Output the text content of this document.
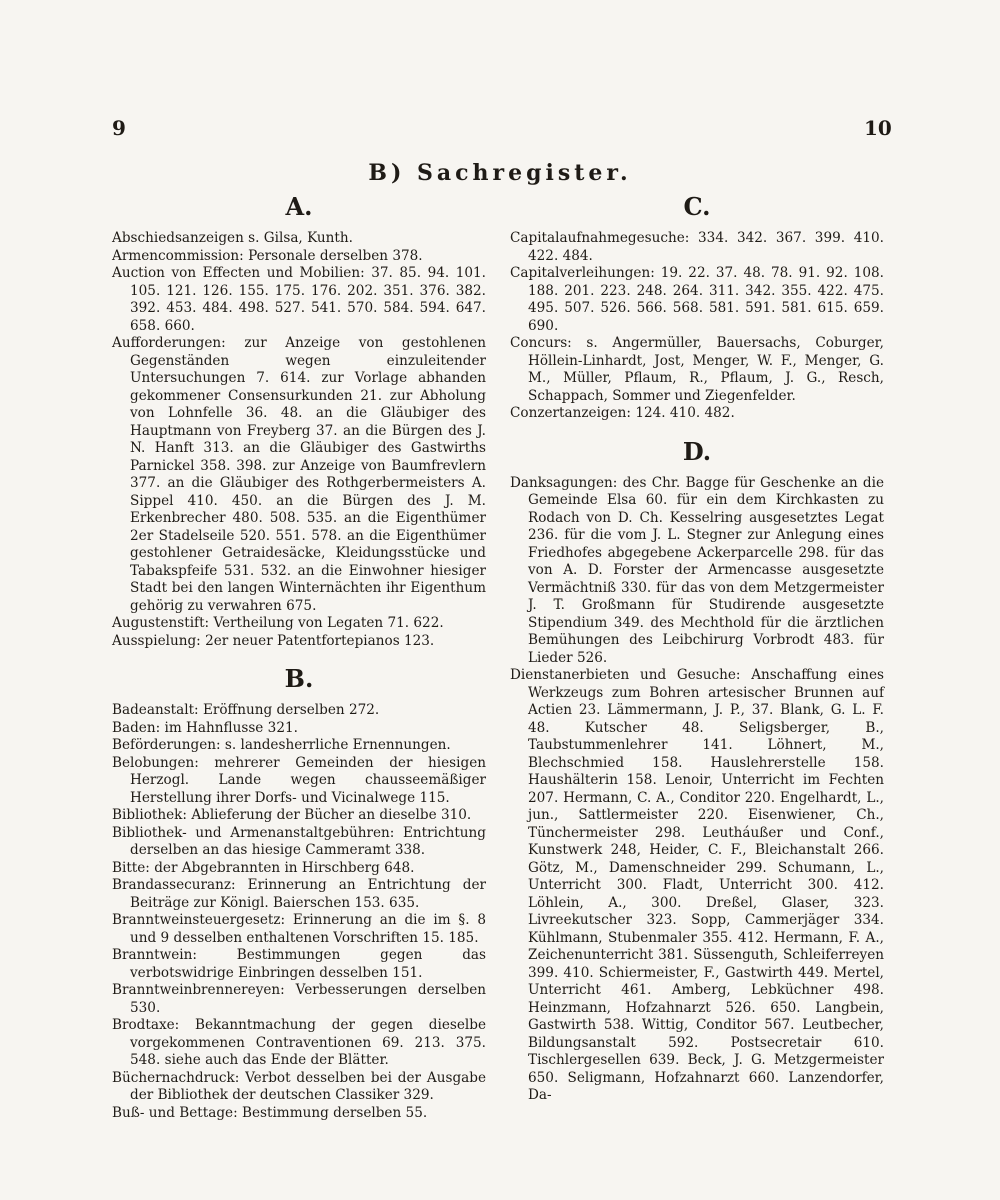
9	10
B) Sachregister.
A.

Abschiedsanzeigen s. Gilsa, Kunth.

Armencommission: Personale derselben 378.

Auction von Effecten und Mobilien: 37. 85. 94. 101. 105. 121. 126. 155. 175. 176. 202. 351. 376. 382. 392. 453. 484. 498. 527. 541. 570. 584. 594. 647. 658. 660.

Aufforderungen: zur Anzeige von gestohlenen Gegenständen wegen einzuleitender Untersuchungen 7. 614. zur Vorlage abhanden gekommener Consensurkunden 21. zur Abholung von Lohnfelle 36. 48. an die Gläubiger des Hauptmann von Freyberg 37. an die Bürgen des J. N. Hanft 313. an die Gläubiger des Gastwirths Parnickel 358. 398. zur Anzeige von Baumfrevlern 377. an die Gläubiger des Rothgerbermeisters A. Sippel 410. 450. an die Bürgen des J. M. Erkenbrecher 480. 508. 535. an die Eigenthümer 2er Stadelseile 520. 551. 578. an die Eigenthümer gestohlener Getraidesäcke, Kleidungsstücke und Tabakspfeife 531. 532. an die Einwohner hiesiger Stadt bei den langen Winternächten ihr Eigenthum gehörig zu verwahren 675.

Augustenstift: Vertheilung von Legaten 71. 622.

Ausspielung: 2er neuer Patentfortepianos 123.

B.

Badeanstalt: Eröffnung derselben 272.

Baden: im Hahnflusse 321.

Beförderungen: s. landesherrliche Ernennungen.

Belobungen: mehrerer Gemeinden der hiesigen Herzogl. Lande wegen chausseemäßiger Herstellung ihrer Dorfs- und Vicinalwege 115.

Bibliothek: Ablieferung der Bücher an dieselbe 310.

Bibliothek- und Armenanstaltgebühren: Entrichtung derselben an das hiesige Cammeramt 338.

Bitte: der Abgebrannten in Hirschberg 648.

Brandassecuranz: Erinnerung an Entrichtung der Beiträge zur Königl. Baierschen 153. 635.

Branntweinsteuergesetz: Erinnerung an die im §. 8 und 9 desselben enthaltenen Vorschriften 15. 185.

Branntwein: Bestimmungen gegen das verbotswidrige Einbringen desselben 151.

Branntweinbrennereyen: Verbesserungen derselben 530.

Brodtaxe: Bekanntmachung der gegen dieselbe vorgekommenen Contraventionen 69. 213. 375. 548. siehe auch das Ende der Blätter.

Büchernachdruck: Verbot desselben bei der Ausgabe der Bibliothek der deutschen Classiker 329.

Buß- und Bettage: Bestimmung derselben 55.

C.

Capitalaufnahmegesuche: 334. 342. 367. 399. 410. 422. 484.

Capitalverleihungen: 19. 22. 37. 48. 78. 91. 92. 108. 188. 201. 223. 248. 264. 311. 342. 355. 422. 475. 495. 507. 526. 566. 568. 581. 591. 581. 615. 659. 690.

Concurs: s. Angermüller, Bauersachs, Coburger, Höllein-Linhardt, Jost, Menger, W. F., Menger, G. M., Müller, Pflaum, R., Pflaum, J. G., Resch, Schappach, Sommer und Ziegenfelder.

Conzertanzeigen: 124. 410. 482.

D.

Danksagungen: des Chr. Bagge für Geschenke an die Gemeinde Elsa 60. für ein dem Kirchkasten zu Rodach von D. Ch. Kesselring ausgesetztes Legat 236. für die vom J. L. Stegner zur Anlegung eines Friedhofes abgegebene Ackerparcelle 298. für das von A. D. Forster der Armencasse ausgesetzte Vermächtniß 330. für das von dem Metzgermeister J. T. Großmann für Studirende ausgesetzte Stipendium 349. des Mechthold für die ärztlichen Bemühungen des Leibchirurg Vorbrodt 483. für Lieder 526.

Dienstanerbieten und Gesuche: Anschaffung eines Werkzeugs zum Bohren artesischer Brunnen auf Actien 23. Lämmermann, J. P., 37. Blank, G. L. F. 48. Kutscher 48. Seligsberger, B., Taubstummenlehrer 141. Löhnert, M., Blechschmied 158. Hauslehrerstelle 158. Haushälterin 158. Lenoir, Unterricht im Fechten 207. Hermann, C. A., Conditor 220. Engelhardt, L., jun., Sattlermeister 220. Eisenwiener, Ch., Tünchermeister 298. Leutháußer und Conf., Kunstwerk 248, Heider, C. F., Bleichanstalt 266. Götz, M., Damenschneider 299. Schumann, L., Unterricht 300. Fladt, Unterricht 300. 412. Löhlein, A., 300. Dreßel, Glaser, 323. Livreekutscher 323. Sopp, Cammerjäger 334. Kühlmann, Stubenmaler 355. 412. Hermann, F. A., Zeichenunterricht 381. Süssenguth, Schleiferreyen 399. 410. Schiermeister, F., Gastwirth 449. Mertel, Unterricht 461. Amberg, Lebküchner 498. Heinzmann, Hofzahnarzt 526. 650. Langbein, Gastwirth 538. Wittig, Conditor 567. Leutbecher, Bildungsanstalt 592. Postsecretair 610. Tischlergesellen 639. Beck, J. G. Metzgermeister 650. Seligmann, Hofzahnarzt 660. Lanzendorfer, Da-
